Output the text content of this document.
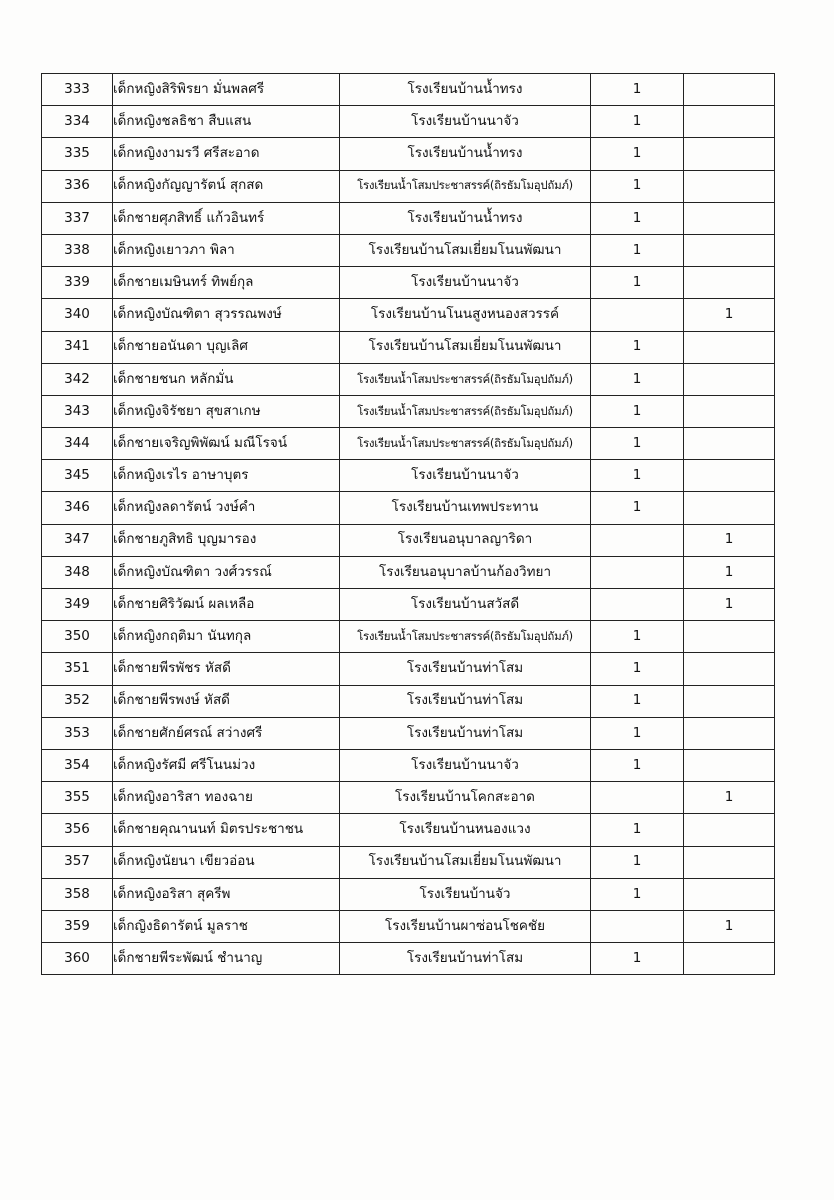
333	เด็กหญิงสิริพิรยา มั่นพลศรี	โรงเรียนบ้านน้ำทรง	1	
334	เด็กหญิงชลธิชา สืบแสน	โรงเรียนบ้านนาจัว	1	
335	เด็กหญิงงามรวี ศรีสะอาด	โรงเรียนบ้านน้ำทรง	1	
336	เด็กหญิงกัญญารัตน์ สุกสด	โรงเรียนน้ำโสมประชาสรรค์(ถิรธัมโมอุปถัมภ์)	1	
337	เด็กชายศุภสิทธิ์ แก้วอินทร์	โรงเรียนบ้านน้ำทรง	1	
338	เด็กหญิงเยาวภา พิลา	โรงเรียนบ้านโสมเยี่ยมโนนพัฒนา	1	
339	เด็กชายเมษินทร์ ทิพย์กุล	โรงเรียนบ้านนาจัว	1	
340	เด็กหญิงบัณฑิตา สุวรรณพงษ์	โรงเรียนบ้านโนนสูงหนองสวรรค์		1
341	เด็กชายอนันดา บุญเลิศ	โรงเรียนบ้านโสมเยี่ยมโนนพัฒนา	1	
342	เด็กชายชนก หลักมั่น	โรงเรียนน้ำโสมประชาสรรค์(ถิรธัมโมอุปถัมภ์)	1	
343	เด็กหญิงจิรัชยา สุขสาเกษ	โรงเรียนน้ำโสมประชาสรรค์(ถิรธัมโมอุปถัมภ์)	1	
344	เด็กชายเจริญพิพัฒน์ มณีโรจน์	โรงเรียนน้ำโสมประชาสรรค์(ถิรธัมโมอุปถัมภ์)	1	
345	เด็กหญิงเรไร อาษาบุตร	โรงเรียนบ้านนาจัว	1	
346	เด็กหญิงลดารัตน์ วงษ์คำ	โรงเรียนบ้านเทพประทาน	1	
347	เด็กชายภูสิทธิ บุญมารอง	โรงเรียนอนุบาลญาริดา		1
348	เด็กหญิงบัณฑิตา วงศ์วรรณ์	โรงเรียนอนุบาลบ้านก้องวิทยา		1
349	เด็กชายศิริวัฒน์ ผลเหลือ	โรงเรียนบ้านสวัสดี		1
350	เด็กหญิงกฤติมา นันทกุล	โรงเรียนน้ำโสมประชาสรรค์(ถิรธัมโมอุปถัมภ์)	1	
351	เด็กชายพีรพัชร หัสดี	โรงเรียนบ้านท่าโสม	1	
352	เด็กชายพีรพงษ์ หัสดี	โรงเรียนบ้านท่าโสม	1	
353	เด็กชายศักย์ศรณ์ สว่างศรี	โรงเรียนบ้านท่าโสม	1	
354	เด็กหญิงรัศมี ศรีโนนม่วง	โรงเรียนบ้านนาจัว	1	
355	เด็กหญิงอาริสา ทองฉาย	โรงเรียนบ้านโคกสะอาด		1
356	เด็กชายคุณานนท์ มิตรประชาชน	โรงเรียนบ้านหนองแวง	1	
357	เด็กหญิงนัยนา เขียวอ่อน	โรงเรียนบ้านโสมเยี่ยมโนนพัฒนา	1	
358	เด็กหญิงอริสา สุครีพ	โรงเรียนบ้านจัว	1	
359	เด็กญิงธิดารัตน์ มูลราช	โรงเรียนบ้านผาซ่อนโชคชัย		1
360	เด็กชายพีระพัฒน์ ชำนาญ	โรงเรียนบ้านท่าโสม	1	
